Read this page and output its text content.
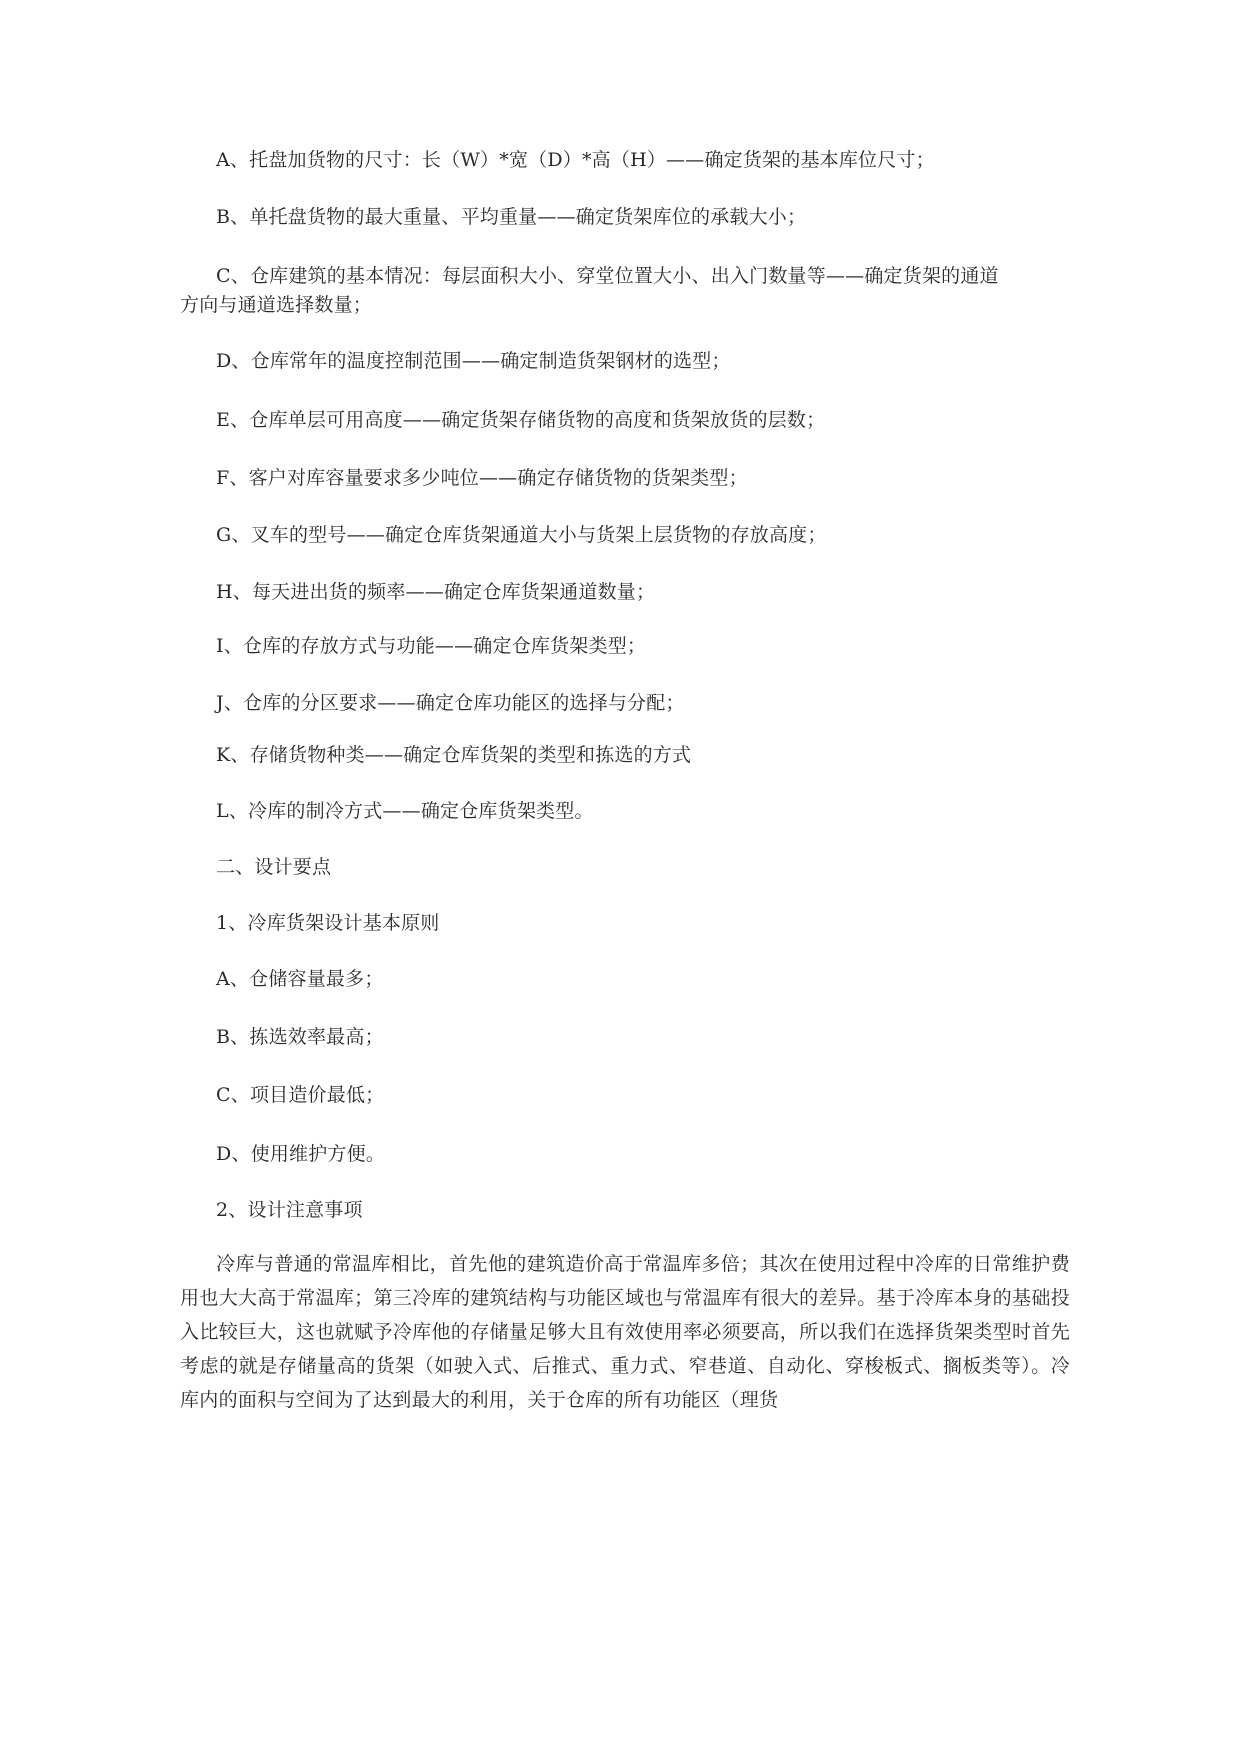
A、托盘加货物的尺寸：长（W）*宽（D）*高（H）——确定货架的基本库位尺寸；
B、单托盘货物的最大重量、平均重量——确定货架库位的承载大小；
C、仓库建筑的基本情况：每层面积大小、穿堂位置大小、出入门数量等——确定货架的通道
方向与通道选择数量；
D、仓库常年的温度控制范围——确定制造货架钢材的选型；
E、仓库单层可用高度——确定货架存储货物的高度和货架放货的层数；
F、客户对库容量要求多少吨位——确定存储货物的货架类型；
G、叉车的型号——确定仓库货架通道大小与货架上层货物的存放高度；
H、每天进出货的频率——确定仓库货架通道数量；
I、仓库的存放方式与功能——确定仓库货架类型；
J、仓库的分区要求——确定仓库功能区的选择与分配；
K、存储货物种类——确定仓库货架的类型和拣选的方式
L、冷库的制冷方式——确定仓库货架类型。
二、设计要点
1、冷库货架设计基本原则
A、仓储容量最多；
B、拣选效率最高；
C、项目造价最低；
D、使用维护方便。
2、设计注意事项
冷库与普通的常温库相比，首先他的建筑造价高于常温库多倍；其次在使用过程中冷库的日常维护费用也大大高于常温库；第三冷库的建筑结构与功能区域也与常温库有很大的差异。基于冷库本身的基础投入比较巨大，这也就赋予冷库他的存储量足够大且有效使用率必须要高，所以我们在选择货架类型时首先考虑的就是存储量高的货架（如驶入式、后推式、重力式、窄巷道、自动化、穿梭板式、搁板类等）。冷库内的面积与空间为了达到最大的利用，关于仓库的所有功能区（理货
